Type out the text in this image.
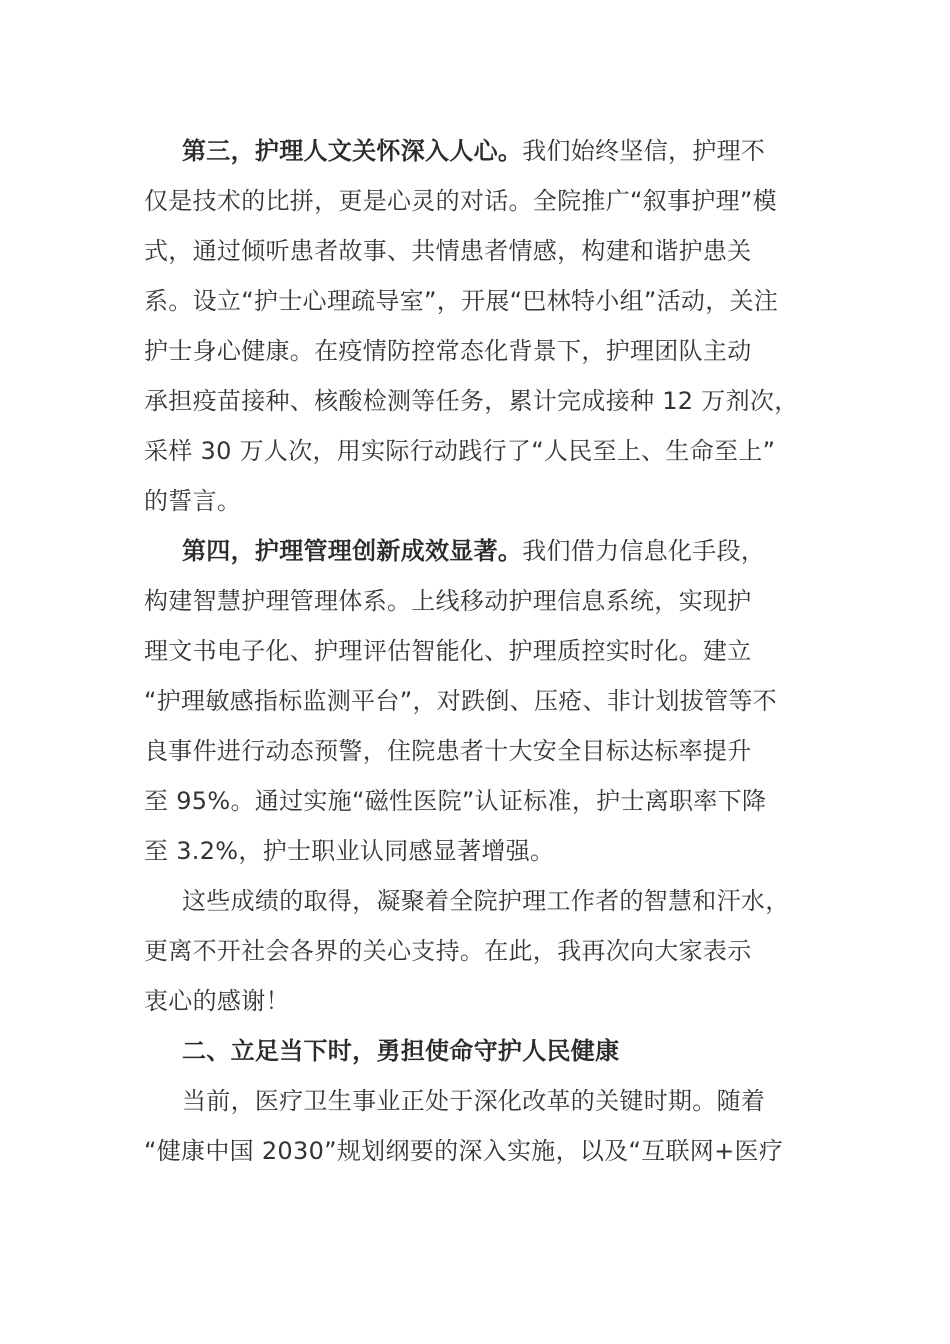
第三，护理人文关怀深入人心。我们始终坚信，护理不
仅是技术的比拼，更是心灵的对话。全院推广“叙事护理”模
式，通过倾听患者故事、共情患者情感，构建和谐护患关
系。设立“护士心理疏导室”，开展“巴林特小组”活动，关注
护士身心健康。在疫情防控常态化背景下，护理团队主动
承担疫苗接种、核酸检测等任务，累计完成接种 12 万剂次，
采样 30 万人次，用实际行动践行了“人民至上、生命至上”
的誓言。
第四，护理管理创新成效显著。我们借力信息化手段，
构建智慧护理管理体系。上线移动护理信息系统，实现护
理文书电子化、护理评估智能化、护理质控实时化。建立
“护理敏感指标监测平台”，对跌倒、压疮、非计划拔管等不
良事件进行动态预警，住院患者十大安全目标达标率提升
至 95%。通过实施“磁性医院”认证标准，护士离职率下降
至 3.2%，护士职业认同感显著增强。
这些成绩的取得，凝聚着全院护理工作者的智慧和汗水，
更离不开社会各界的关心支持。在此，我再次向大家表示
衷心的感谢！
二、立足当下时，勇担使命守护人民健康
当前，医疗卫生事业正处于深化改革的关键时期。随着
“健康中国 2030”规划纲要的深入实施，以及“互联网+医疗
